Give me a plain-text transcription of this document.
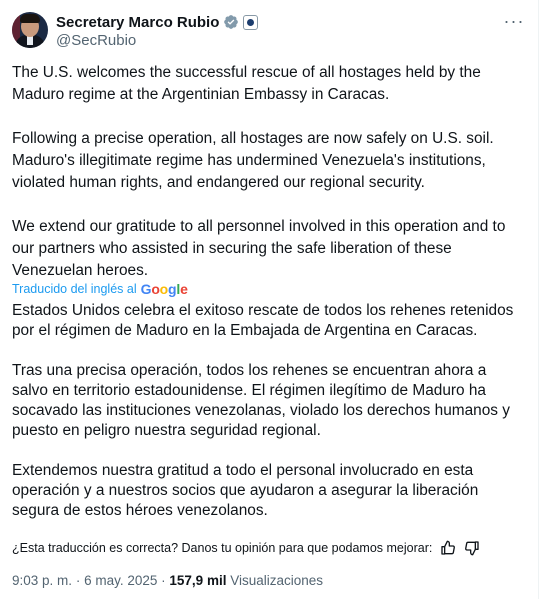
Secretary Marco Rubio
@SecRubio
···

The U.S. welcomes the successful rescue of all hostages held by the Maduro regime at the Argentinian Embassy in Caracas.

Following a precise operation, all hostages are now safely on U.S. soil. Maduro's illegitimate regime has undermined Venezuela's institutions, violated human rights, and endangered our regional security.

We extend our gratitude to all personnel involved in this operation and to our partners who assisted in securing the safe liberation of these Venezuelan heroes.

Traducido del inglés al Google

Estados Unidos celebra el exitoso rescate de todos los rehenes retenidos por el régimen de Maduro en la Embajada de Argentina en Caracas.

Tras una precisa operación, todos los rehenes se encuentran ahora a salvo en territorio estadounidense. El régimen ilegítimo de Maduro ha socavado las instituciones venezolanas, violado los derechos humanos y puesto en peligro nuestra seguridad regional.

Extendemos nuestra gratitud a todo el personal involucrado en esta operación y a nuestros socios que ayudaron a asegurar la liberación segura de estos héroes venezolanos.

¿Esta traducción es correcta? Danos tu opinión para que podamos mejorar:
9:03 p. m. · 6 may. 2025 · 157,9 mil Visualizaciones
